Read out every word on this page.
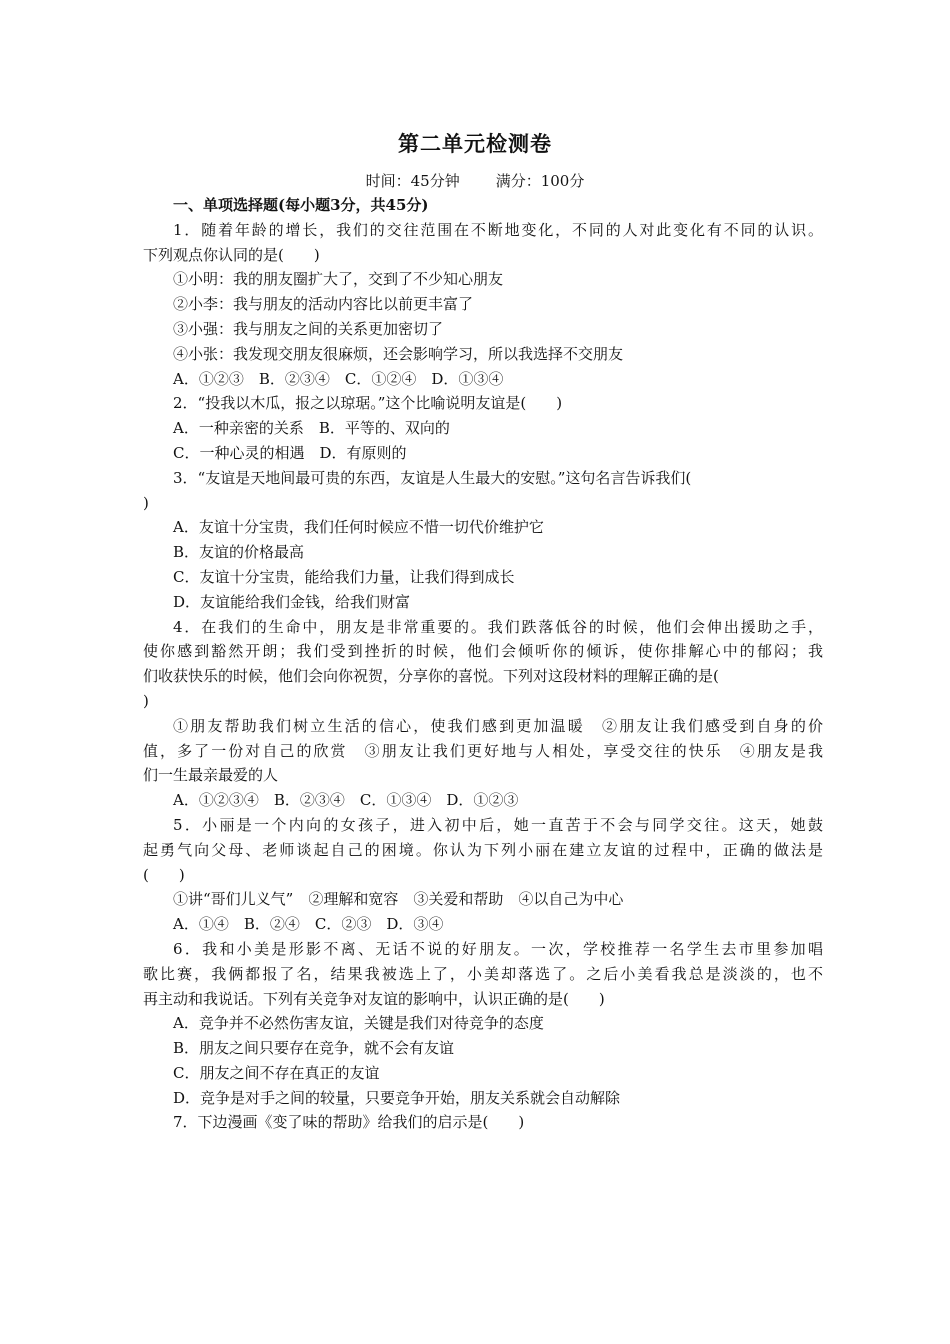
第二单元检测卷
时间：45分钟 满分：100分
一、单项选择题(每小题3分，共45分)
1．随着年龄的增长，我们的交往范围在不断地变化，不同的人对此变化有不同的认识。
下列观点你认同的是(　　)
①小明：我的朋友圈扩大了，交到了不少知心朋友
②小李：我与朋友的活动内容比以前更丰富了
③小强：我与朋友之间的关系更加密切了
④小张：我发现交朋友很麻烦，还会影响学习，所以我选择不交朋友
A．①②③　B．②③④　C．①②④　D．①③④
2．“投我以木瓜，报之以琼琚。”这个比喻说明友谊是(　　)
A．一种亲密的关系　B．平等的、双向的
C．一种心灵的相遇　D．有原则的
3．“友谊是天地间最可贵的东西，友谊是人生最大的安慰。”这句名言告诉我们(
)
A．友谊十分宝贵，我们任何时候应不惜一切代价维护它
B．友谊的价格最高
C．友谊十分宝贵，能给我们力量，让我们得到成长
D．友谊能给我们金钱，给我们财富
4．在我们的生命中，朋友是非常重要的。我们跌落低谷的时候，他们会伸出援助之手，
使你感到豁然开朗；我们受到挫折的时候，他们会倾听你的倾诉，使你排解心中的郁闷；我
们收获快乐的时候，他们会向你祝贺，分享你的喜悦。下列对这段材料的理解正确的是(
)
①朋友帮助我们树立生活的信心，使我们感到更加温暖　②朋友让我们感受到自身的价
值，多了一份对自己的欣赏　③朋友让我们更好地与人相处，享受交往的快乐　④朋友是我
们一生最亲最爱的人
A．①②③④　B．②③④　C．①③④　D．①②③
5．小丽是一个内向的女孩子，进入初中后，她一直苦于不会与同学交往。这天，她鼓
起勇气向父母、老师谈起自己的困境。你认为下列小丽在建立友谊的过程中，正确的做法是
(　　)
①讲“哥们儿义气”　②理解和宽容　③关爱和帮助　④以自己为中心
A．①④　B．②④　C．②③　D．③④
6．我和小美是形影不离、无话不说的好朋友。一次，学校推荐一名学生去市里参加唱
歌比赛，我俩都报了名，结果我被选上了，小美却落选了。之后小美看我总是淡淡的，也不
再主动和我说话。下列有关竞争对友谊的影响中，认识正确的是(　　)
A．竞争并不必然伤害友谊，关键是我们对待竞争的态度
B．朋友之间只要存在竞争，就不会有友谊
C．朋友之间不存在真正的友谊
D．竞争是对手之间的较量，只要竞争开始，朋友关系就会自动解除
7．下边漫画《变了味的帮助》给我们的启示是(　　)
